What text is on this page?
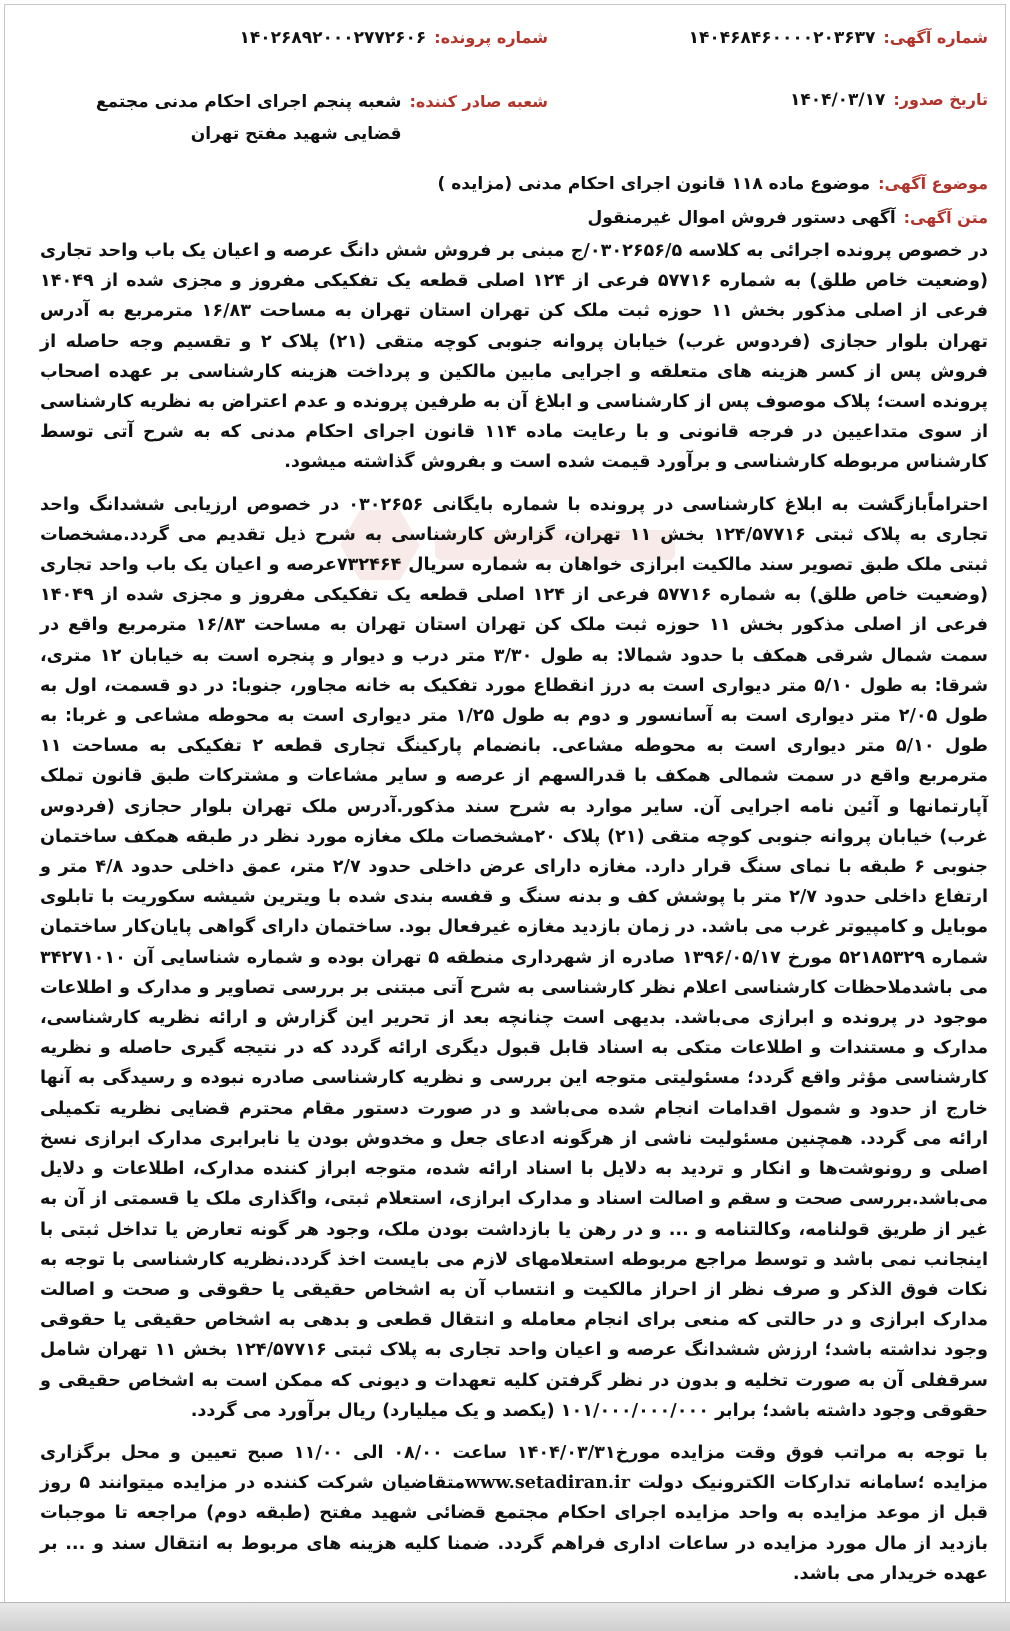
شماره آگهی:
۱۴۰۴۶۸۴۶۰۰۰۰۲۰۳۶۳۷
شماره پرونده:
۱۴۰۲۶۸۹۲۰۰۰۲۷۷۲۶۰۶
تاریخ صدور:
۱۴۰۴/۰۳/۱۷
شعبه صادر کننده:
شعبه پنجم اجرای احکام مدنی مجتمع قضایی شهید مفتح تهران
موضوع آگهی:
موضوع ماده ۱۱۸ قانون اجرای احکام مدنی (مزایده )
متن آگهی:
آگهی دستور فروش اموال غیرمنقول

در خصوص پرونده اجرائی به کلاسه ۰۳۰۲۶۵۶/۵/ج مبنی بر فروش شش دانگ عرصه و اعیان یک باب واحد تجاری (وضعیت خاص طلق) به شماره ۵۷۷۱۶ فرعی از ۱۲۴ اصلی قطعه یک تفکیکی مفروز و مجزی شده از ۱۴۰۴۹ فرعی از اصلی مذکور بخش ۱۱ حوزه ثبت ملک کن تهران استان تهران به مساحت ۱۶/۸۳ مترمربع به آدرس تهران بلوار حجازی (فردوس غرب) خیابان پروانه جنوبی کوچه متقی (۲۱) پلاک ۲ و تقسیم وجه حاصله از فروش پس از کسر هزینه های متعلقه و اجرایی مابین مالکین و پرداخت هزینه کارشناسی بر عهده اصحاب پرونده است؛ پلاک موصوف پس از کارشناسی و ابلاغ آن به طرفین پرونده و عدم اعتراض به نظریه کارشناسی از سوی متداعیین در فرجه قانونی و با رعایت ماده ۱۱۴ قانون اجرای احکام مدنی که به شرح آتی توسط کارشناس مربوطه کارشناسی و برآورد قیمت شده است و بفروش گذاشته میشود.

احتراماًبازگشت به ابلاغ کارشناسی در پرونده با شماره بایگانی ۰۳۰۲۶۵۶ در خصوص ارزیابی ششدانگ واحد تجاری به پلاک ثبتی ۱۲۴/۵۷۷۱۶ بخش ۱۱ تهران، گزارش کارشناسی به شرح ذیل تقدیم می گردد.مشخصات ثبتی ملک طبق تصویر سند مالکیت ابرازی خواهان به شماره سریال ۷۳۲۴۶۴عرصه و اعیان یک باب واحد تجاری (وضعیت خاص طلق) به شماره ۵۷۷۱۶ فرعی از ۱۲۴ اصلی قطعه یک تفکیکی مفروز و مجزی شده از ۱۴۰۴۹ فرعی از اصلی مذکور بخش ۱۱ حوزه ثبت ملک کن تهران استان تهران به مساحت ۱۶/۸۳ مترمربع واقع در سمت شمال شرقی همکف با حدود شمالا: به طول ۳/۳۰ متر درب و دیوار و پنجره است به خیابان ۱۲ متری، شرقا: به طول ۵/۱۰ متر دیواری است به درز انقطاع مورد تفکیک به خانه مجاور، جنوبا: در دو قسمت، اول به طول ۲/۰۵ متر دیواری است به آسانسور و دوم به طول ۱/۲۵ متر دیواری است به محوطه مشاعی و غربا: به طول ۵/۱۰ متر دیواری است به محوطه مشاعی. بانضمام پارکینگ تجاری قطعه ۲ تفکیکی به مساحت ۱۱ مترمربع واقع در سمت شمالی همکف با قدرالسهم از عرصه و سایر مشاعات و مشترکات طبق قانون تملک آپارتمانها و آئین نامه اجرایی آن. سایر موارد به شرح سند مذکور.آدرس ملک تهران بلوار حجازی (فردوس غرب) خیابان پروانه جنوبی کوچه متقی (۲۱) پلاک ۲۰مشخصات ملک مغازه مورد نظر در طبقه همکف ساختمان جنوبی ۶ طبقه با نمای سنگ قرار دارد. مغازه دارای عرض داخلی حدود ۲/۷ متر، عمق داخلی حدود ۴/۸ متر و ارتفاع داخلی حدود ۲/۷ متر با پوشش کف و بدنه سنگ و قفسه بندی شده با ویترین شیشه سکوریت با تابلوی موبایل و کامپیوتر غرب می باشد. در زمان بازدید مغازه غیرفعال بود. ساختمان دارای گواهی پایان‌کار ساختمان شماره ۵۲۱۸۵۳۲۹ مورخ ۱۳۹۶/۰۵/۱۷ صادره از شهرداری منطقه ۵ تهران بوده و شماره شناسایی آن ۳۴۲۷۱۰۱۰ می باشدملاحظات کارشناسی اعلام نظر کارشناسی به شرح آتی مبتنی بر بررسی تصاویر و مدارک و اطلاعات موجود در پرونده و ابرازی می‌باشد. بدیهی است چنانچه بعد از تحریر این گزارش و ارائه نظریه کارشناسی، مدارک و مستندات و اطلاعات متکی به اسناد قابل قبول دیگری ارائه گردد که در نتیجه گیری حاصله و نظریه کارشناسی مؤثر واقع گردد؛ مسئولیتی متوجه این بررسی و نظریه کارشناسی صادره نبوده و رسیدگی به آنها خارج از حدود و شمول اقدامات انجام شده می‌باشد و در صورت دستور مقام محترم قضایی نظریه تکمیلی ارائه می گردد. همچنین مسئولیت ناشی از هرگونه ادعای جعل و مخدوش بودن یا نابرابری مدارک ابرازی نسخ اصلی و رونوشت‌ها و انکار و تردید به دلایل با اسناد ارائه شده، متوجه ابراز کننده مدارک، اطلاعات و دلایل می‌باشد.بررسی صحت و سقم و اصالت اسناد و مدارک ابرازی، استعلام ثبتی، واگذاری ملک یا قسمتی از آن به غیر از طریق قولنامه، وکالتنامه و ... و در رهن یا بازداشت بودن ملک، وجود هر گونه تعارض یا تداخل ثبتی با اینجانب نمی باشد و توسط مراجع مربوطه استعلامهای لازم می بایست اخذ گردد.نظریه کارشناسی با توجه به نکات فوق الذکر و صرف نظر از احراز مالکیت و انتساب آن به اشخاص حقیقی یا حقوقی و صحت و اصالت مدارک ابرازی و در حالتی که منعی برای انجام معامله و انتقال قطعی و بدهی به اشخاص حقیقی یا حقوقی وجود نداشته باشد؛ ارزش ششدانگ عرصه و اعیان واحد تجاری به پلاک ثبتی ۱۲۴/۵۷۷۱۶ بخش ۱۱ تهران شامل سرقفلی آن به صورت تخلیه و بدون در نظر گرفتن کلیه تعهدات و دیونی که ممکن است به اشخاص حقیقی و حقوقی وجود داشته باشد؛ برابر ۱۰۱/۰۰۰/۰۰۰/۰۰۰ (یکصد و یک میلیارد) ریال برآورد می گردد.

با توجه به مراتب فوق وقت مزایده مورخ۱۴۰۴/۰۳/۳۱ ساعت ۰۸/۰۰ الی ۱۱/۰۰ صبح تعیین و محل برگزاری مزایده ؛سامانه تدارکات الکترونیک دولت www.setadiran.irمتقاضیان شرکت کننده در مزایده میتوانند ۵ روز قبل از موعد مزایده به واحد مزایده اجرای احکام مجتمع قضائی شهید مفتح (طبقه دوم) مراجعه تا موجبات بازدید از مال مورد مزایده در ساعات اداری فراهم گردد. ضمنا کلیه هزینه های مربوط به انتقال سند و ... بر عهده خریدار می باشد.
